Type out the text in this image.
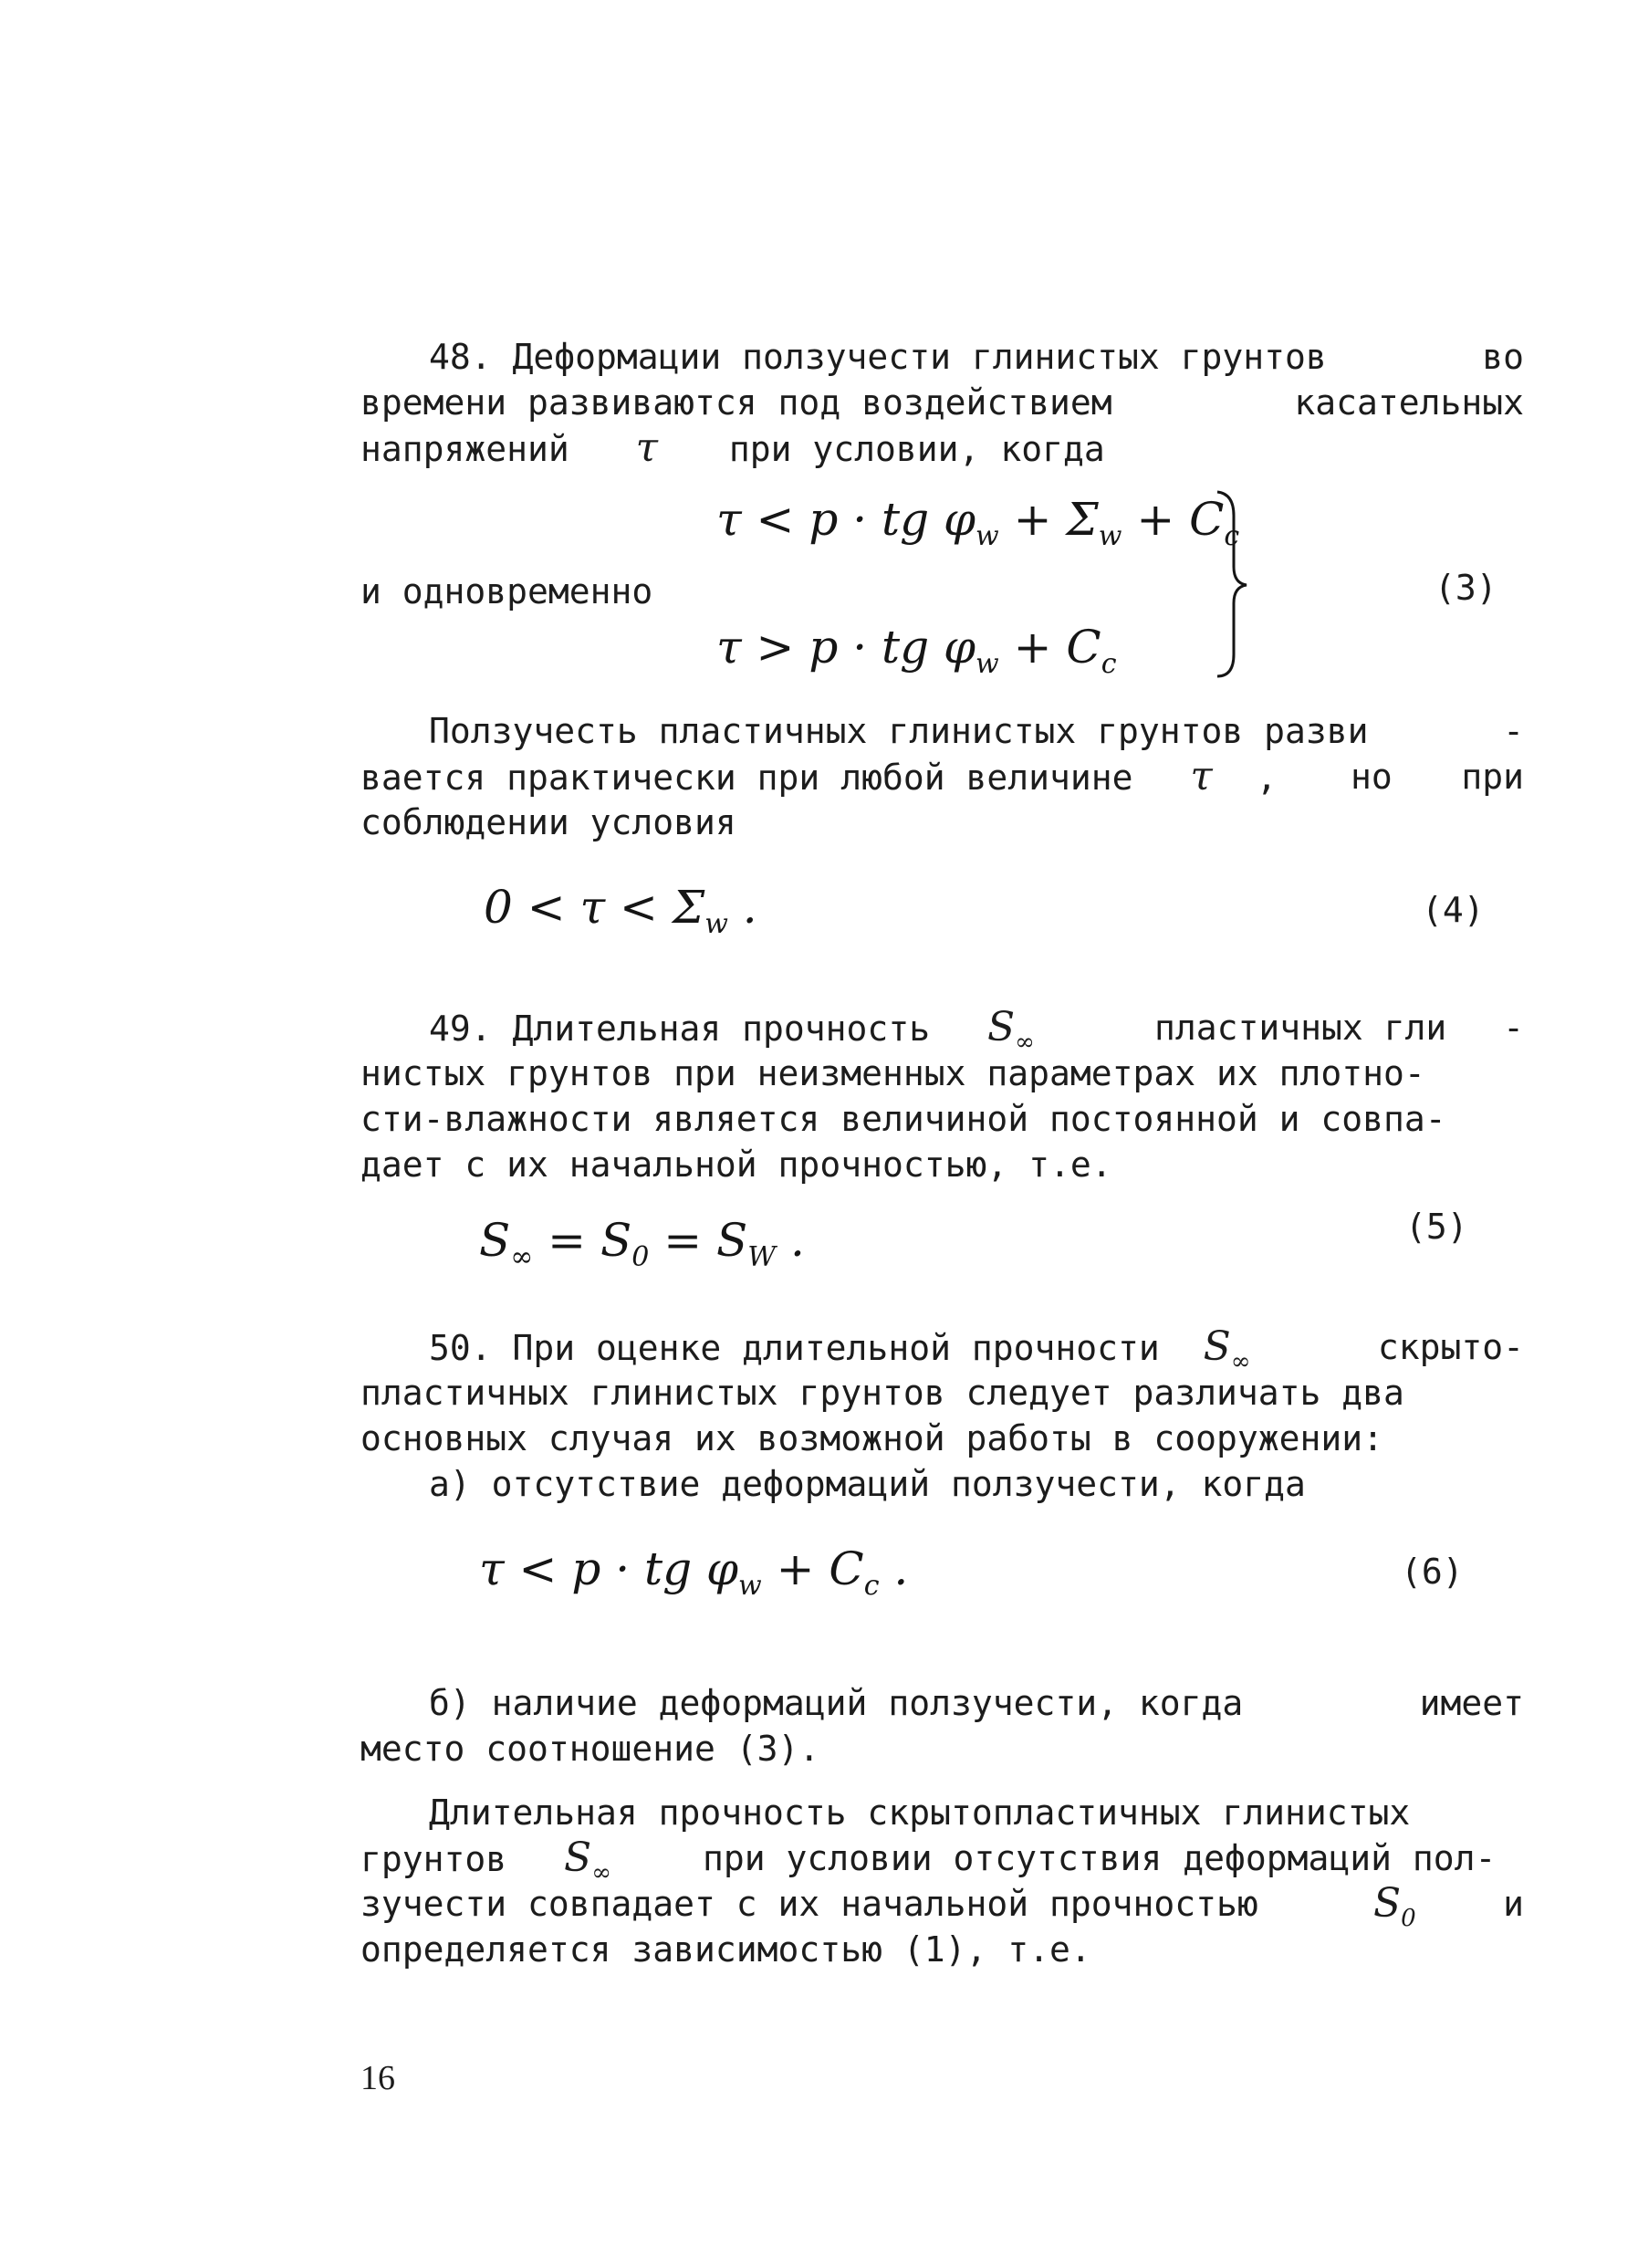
48. Деформации ползучести глинистых грунтов	во
времени развиваются под воздействием	касательных
напряжений τ при условии, когда
τ < p · tg $\varphi_w + \Sigma_w + C_c$
и одновременно
τ > p · tg $\varphi_w + C_c$
(3)
Ползучесть пластичных глинистых грунтов разви	-
вается практически при любой величине τ , но при
соблюдении условия
$0 < \tau < \Sigma_w$ .	(4)
49. Длительная прочность $S_\infty$	пластичных гли -
нистых грунтов при неизменных параметрах их плотно-
сти-влажности является величиной постоянной и совпа-
дает с их начальной прочностью, т.е.
$S_\infty = S_0 = S_W$ .	(5)
50. При оценке длительной прочности $S_\infty$	скрыто-
пластичных глинистых грунтов следует различать два
основных случая их возможной работы в сооружении:
а) отсутствие деформаций ползучести, когда
τ < p · tg $\varphi_w + C_c$ .	(6)
б) наличие деформаций ползучести, когда	имеет
место соотношение (3).
Длительная прочность скрытопластичных глинистых
грунтов $S_\infty$	при условии отсутствия деформаций пол-
зучести совпадает с их начальной прочностью	$S_0$	и
определяется зависимостью (1), т.е.
16
